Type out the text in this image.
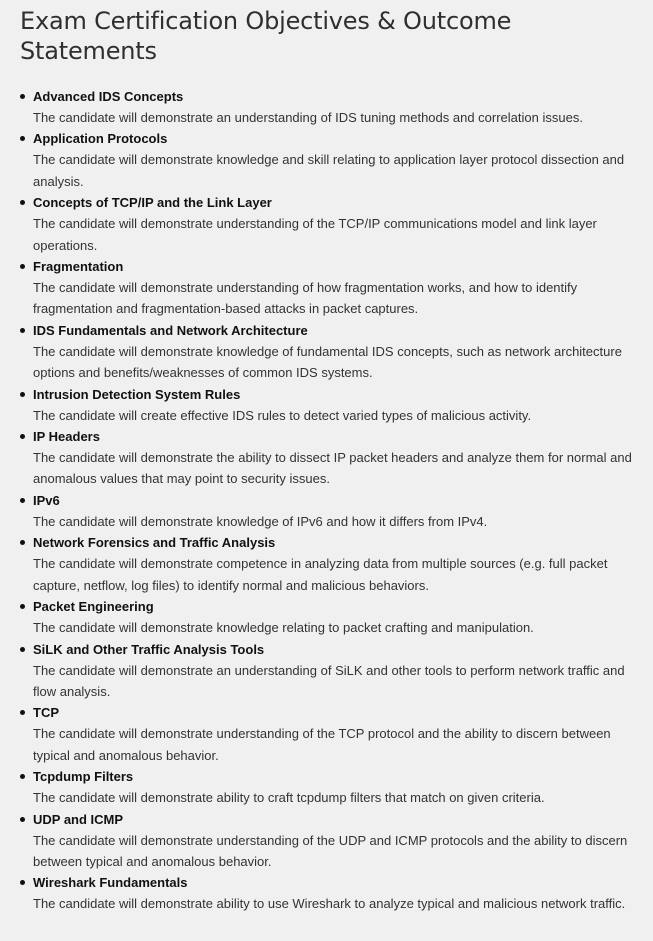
Exam Certification Objectives & Outcome Statements
Advanced IDS Concepts
The candidate will demonstrate an understanding of IDS tuning methods and correlation issues.
Application Protocols
The candidate will demonstrate knowledge and skill relating to application layer protocol dissection and analysis.
Concepts of TCP/IP and the Link Layer
The candidate will demonstrate understanding of the TCP/IP communications model and link layer operations.
Fragmentation
The candidate will demonstrate understanding of how fragmentation works, and how to identify fragmentation and fragmentation-based attacks in packet captures.
IDS Fundamentals and Network Architecture
The candidate will demonstrate knowledge of fundamental IDS concepts, such as network architecture options and benefits/weaknesses of common IDS systems.
Intrusion Detection System Rules
The candidate will create effective IDS rules to detect varied types of malicious activity.
IP Headers
The candidate will demonstrate the ability to dissect IP packet headers and analyze them for normal and anomalous values that may point to security issues.
IPv6
The candidate will demonstrate knowledge of IPv6 and how it differs from IPv4.
Network Forensics and Traffic Analysis
The candidate will demonstrate competence in analyzing data from multiple sources (e.g. full packet capture, netflow, log files) to identify normal and malicious behaviors.
Packet Engineering
The candidate will demonstrate knowledge relating to packet crafting and manipulation.
SiLK and Other Traffic Analysis Tools
The candidate will demonstrate an understanding of SiLK and other tools to perform network traffic and flow analysis.
TCP
The candidate will demonstrate understanding of the TCP protocol and the ability to discern between typical and anomalous behavior.
Tcpdump Filters
The candidate will demonstrate ability to craft tcpdump filters that match on given criteria.
UDP and ICMP
The candidate will demonstrate understanding of the UDP and ICMP protocols and the ability to discern between typical and anomalous behavior.
Wireshark Fundamentals
The candidate will demonstrate ability to use Wireshark to analyze typical and malicious network traffic.
